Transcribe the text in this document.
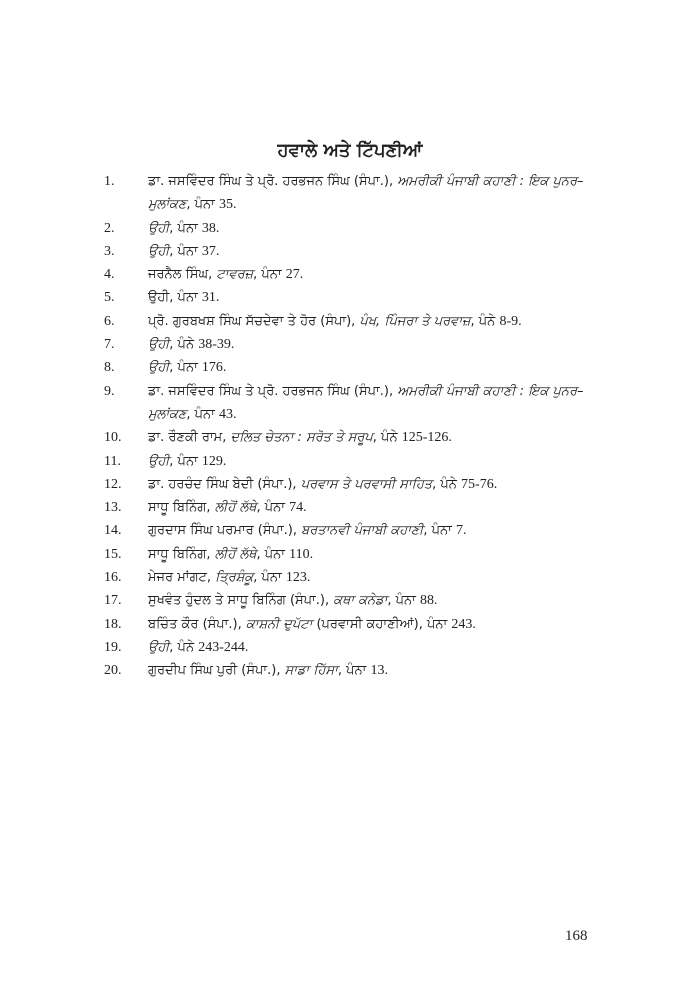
ਹਵਾਲੇ ਅਤੇ ਟਿੱਪਣੀਆਂ
1.	ਡਾ. ਜਸਵਿੰਦਰ ਸਿੰਘ ਤੇ ਪ੍ਰੋ. ਹਰਭਜਨ ਸਿੰਘ (ਸੰਪਾ.), ਅਮਰੀਕੀ ਪੰਜਾਬੀ ਕਹਾਣੀ : ਇਕ ਪੁਨਰ–
ਮੁਲਾਂਕਣ, ਪੰਨਾ 35.
2.	ਉਹੀ, ਪੰਨਾ 38.
3.	ਉਹੀ, ਪੰਨਾ 37.
4.	ਜਰਨੈਲ ਸਿੰਘ, ਟਾਵਰਜ਼, ਪੰਨਾ 27.
5.	ਉਹੀ, ਪੰਨਾ 31.
6.	ਪ੍ਰੋ. ਗੁਰਬਖਸ਼ ਸਿੰਘ ਸੱਚਦੇਵਾ ਤੇ ਹੋਰ (ਸੰਪਾ), ਪੰਖ, ਪਿੰਜਰਾ ਤੇ ਪਰਵਾਜ਼, ਪੰਨੇ 8-9.
7.	ਉਹੀ, ਪੰਨੇ 38-39.
8.	ਉਹੀ, ਪੰਨਾ 176.
9.	ਡਾ. ਜਸਵਿੰਦਰ ਸਿੰਘ ਤੇ ਪ੍ਰੋ. ਹਰਭਜਨ ਸਿੰਘ (ਸੰਪਾ.), ਅਮਰੀਕੀ ਪੰਜਾਬੀ ਕਹਾਣੀ : ਇਕ ਪੁਨਰ–
ਮੁਲਾਂਕਣ, ਪੰਨਾ 43.
10. ਡਾ. ਰੌਣਕੀ ਰਾਮ, ਦਲਿਤ ਚੇਤਨਾ : ਸਰੋਤ ਤੇ ਸਰੂਪ, ਪੰਨੇ 125-126.
11. ਉਹੀ, ਪੰਨਾ 129.
12. ਡਾ. ਹਰਚੰਦ ਸਿੰਘ ਬੇਦੀ (ਸੰਪਾ.), ਪਰਵਾਸ ਤੇ ਪਰਵਾਸੀ ਸਾਹਿਤ, ਪੰਨੇ 75-76.
13. ਸਾਧੂ ਬਿਨਿੰਗ, ਲੀਹੋਂ ਲੱਥੇ, ਪੰਨਾ 74.
14. ਗੁਰਦਾਸ ਸਿੰਘ ਪਰਮਾਰ (ਸੰਪਾ.), ਬਰਤਾਨਵੀ ਪੰਜਾਬੀ ਕਹਾਣੀ, ਪੰਨਾ 7.
15. ਸਾਧੂ ਬਿਨਿੰਗ, ਲੀਹੋਂ ਲੱਥੇ, ਪੰਨਾ 110.
16. ਮੇਜਰ ਮਾਂਗਟ, ਤ੍ਰਿਸ਼ੰਕੂ, ਪੰਨਾ 123.
17. ਸੁਖਵੰਤ ਹੁੰਦਲ ਤੇ ਸਾਧੂ ਬਿਨਿੰਗ (ਸੰਪਾ.), ਕਥਾ ਕਨੇਡਾ, ਪੰਨਾ 88.
18. ਬਚਿੰਤ ਕੌਰ (ਸੰਪਾ.), ਕਾਸ਼ਨੀ ਦੁਪੱਟਾ (ਪਰਵਾਸੀ ਕਹਾਣੀਆਂ), ਪੰਨਾ 243.
19. ਉਹੀ, ਪੰਨੇ 243-244.
20. ਗੁਰਦੀਪ ਸਿੰਘ ਪੁਰੀ (ਸੰਪਾ.), ਸਾਡਾ ਹਿੱਸਾ, ਪੰਨਾ 13.
168
